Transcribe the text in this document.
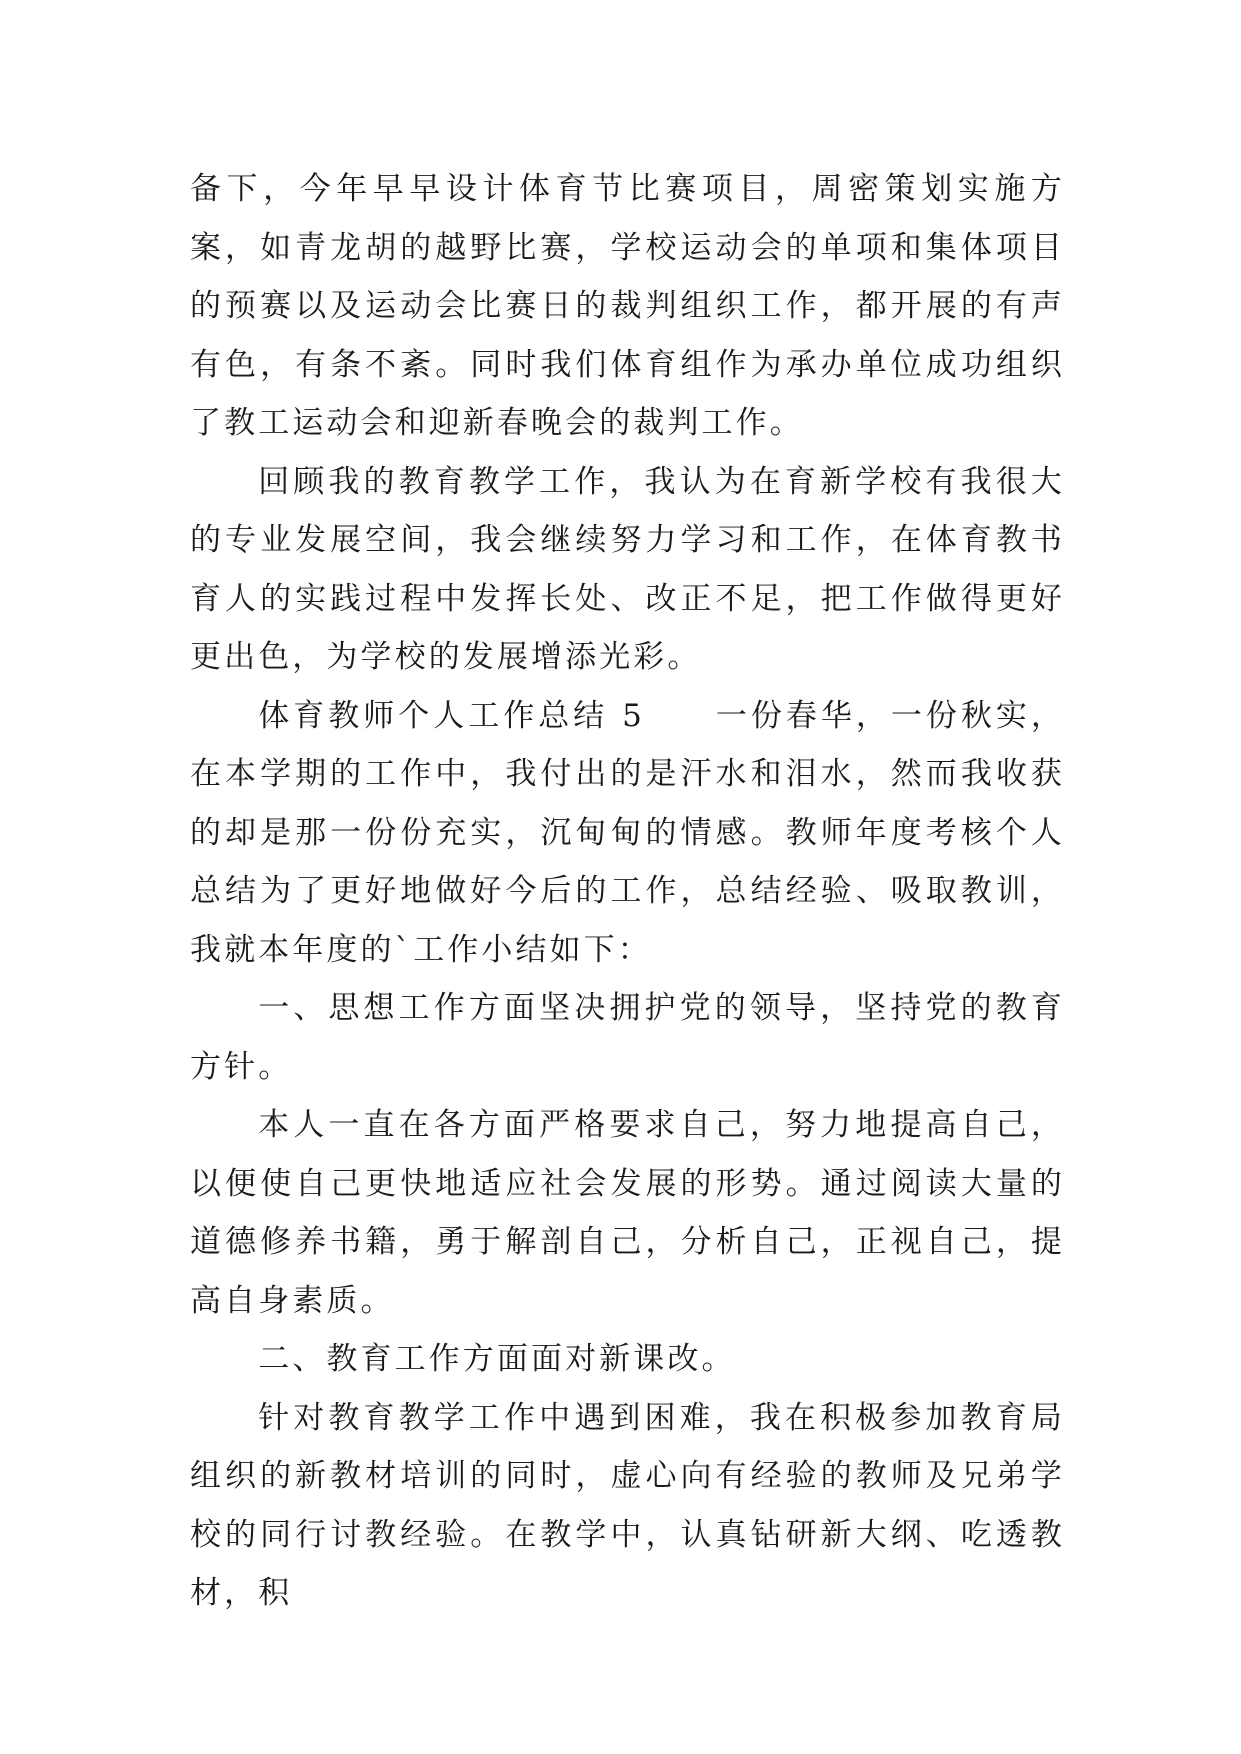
备下，今年早早设计体育节比赛项目，周密策划实施方案，如青龙胡的越野比赛，学校运动会的单项和集体项目的预赛以及运动会比赛日的裁判组织工作，都开展的有声有色，有条不紊。同时我们体育组作为承办单位成功组织了教工运动会和迎新春晚会的裁判工作。

回顾我的教育教学工作，我认为在育新学校有我很大的专业发展空间，我会继续努力学习和工作，在体育教书育人的实践过程中发挥长处、改正不足，把工作做得更好更出色，为学校的发展增添光彩。

体育教师个人工作总结 5　　一份春华，一份秋实，在本学期的工作中，我付出的是汗水和泪水，然而我收获的却是那一份份充实，沉甸甸的情感。教师年度考核个人总结为了更好地做好今后的工作，总结经验、吸取教训，我就本年度的`工作小结如下：

一、思想工作方面坚决拥护党的领导，坚持党的教育方针。

本人一直在各方面严格要求自己，努力地提高自己，以便使自己更快地适应社会发展的形势。通过阅读大量的道德修养书籍，勇于解剖自己，分析自己，正视自己，提高自身素质。

二、教育工作方面面对新课改。

针对教育教学工作中遇到困难，我在积极参加教育局组织的新教材培训的同时，虚心向有经验的教师及兄弟学校的同行讨教经验。在教学中，认真钻研新大纲、吃透教材，积
